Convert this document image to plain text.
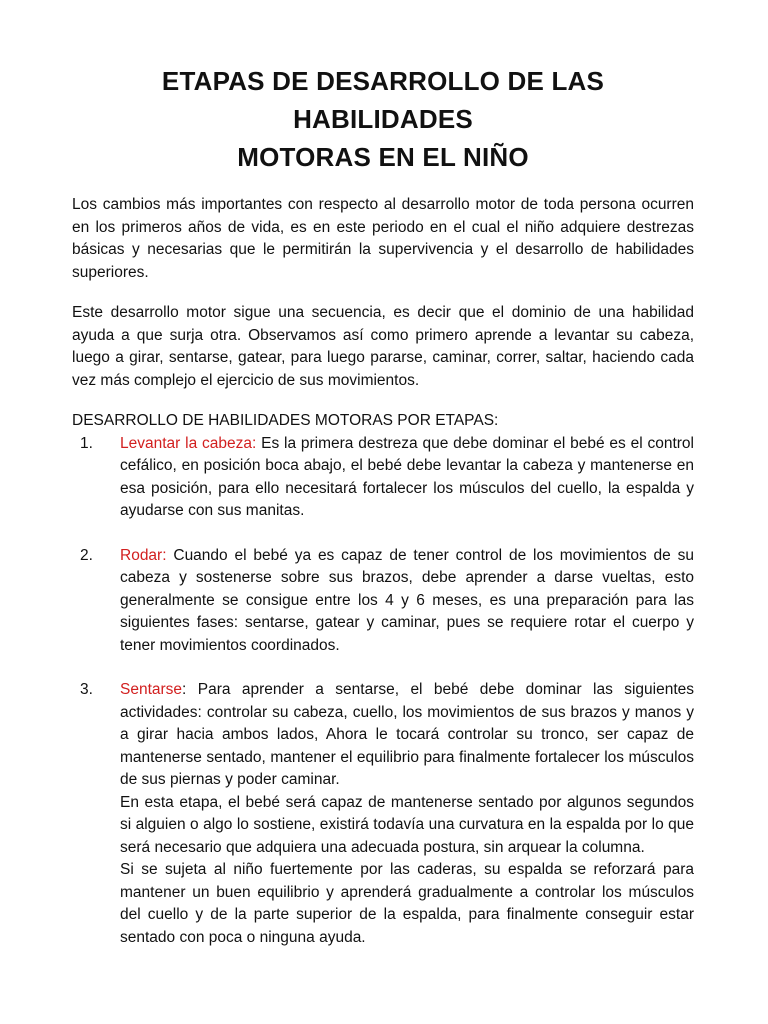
ETAPAS DE DESARROLLO DE LAS HABILIDADES
MOTORAS EN EL NIÑO

Los cambios más importantes con respecto al desarrollo motor de toda persona ocurren en los primeros años de vida, es en este periodo en el cual el niño adquiere destrezas básicas y necesarias que le permitirán la supervivencia y el desarrollo de habilidades superiores.

Este desarrollo motor sigue una secuencia, es decir que el dominio de una habilidad ayuda a que surja otra. Observamos así como primero aprende a levantar su cabeza, luego a girar, sentarse, gatear, para luego pararse, caminar, correr, saltar, haciendo cada vez más complejo el ejercicio de sus movimientos.

DESARROLLO DE HABILIDADES MOTORAS POR ETAPAS:
1. Levantar la cabeza: Es la primera destreza que debe dominar el bebé es el control cefálico, en posición boca abajo, el bebé debe levantar la cabeza y mantenerse en esa posición, para ello necesitará fortalecer los músculos del cuello, la espalda y ayudarse con sus manitas.
2. Rodar: Cuando el bebé ya es capaz de tener control de los movimientos de su cabeza y sostenerse sobre sus brazos, debe aprender a darse vueltas, esto generalmente se consigue entre los 4 y 6 meses, es una preparación para las siguientes fases: sentarse, gatear y caminar, pues se requiere rotar el cuerpo y tener movimientos coordinados.
3. Sentarse: Para aprender a sentarse, el bebé debe dominar las siguientes actividades: controlar su cabeza, cuello, los movimientos de sus brazos y manos y a girar hacia ambos lados, Ahora le tocará controlar su tronco, ser capaz de mantenerse sentado, mantener el equilibrio para finalmente fortalecer los músculos de sus piernas y poder caminar.
En esta etapa, el bebé será capaz de mantenerse sentado por algunos segundos si alguien o algo lo sostiene, existirá todavía una curvatura en la espalda por lo que será necesario que adquiera una adecuada postura, sin arquear la columna.
Si se sujeta al niño fuertemente por las caderas, su espalda se reforzará para mantener un buen equilibrio y aprenderá gradualmente a controlar los músculos del cuello y de la parte superior de la espalda, para finalmente conseguir estar sentado con poca o ninguna ayuda.
